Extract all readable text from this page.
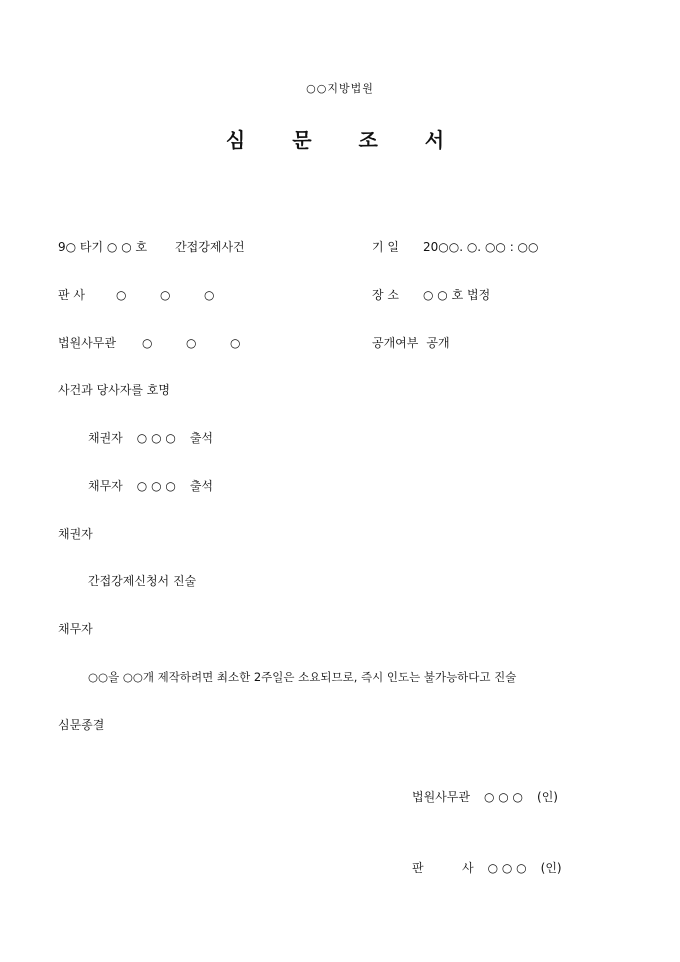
○○지방법원
심 문 조 서
9○ 타기 ○ ○ 호 간접강제사건	기 일 20○○. ○. ○○ : ○○
판 사	○	○	○	장 소 ○ ○ 호 법정
법원사무관 ○	○	○	공개여부 공개
사건과 당사자를 호명
채권자 ○ ○ ○ 출석
채무자 ○ ○ ○ 출석
채권자
간접강제신청서 진술
채무자
○○을 ○○개 제작하려면 최소한 2주일은 소요되므로, 즉시 인도는 불가능하다고 진술
심문종결
법원사무관 ○ ○ ○ (인)
판	사 ○ ○ ○ (인)
